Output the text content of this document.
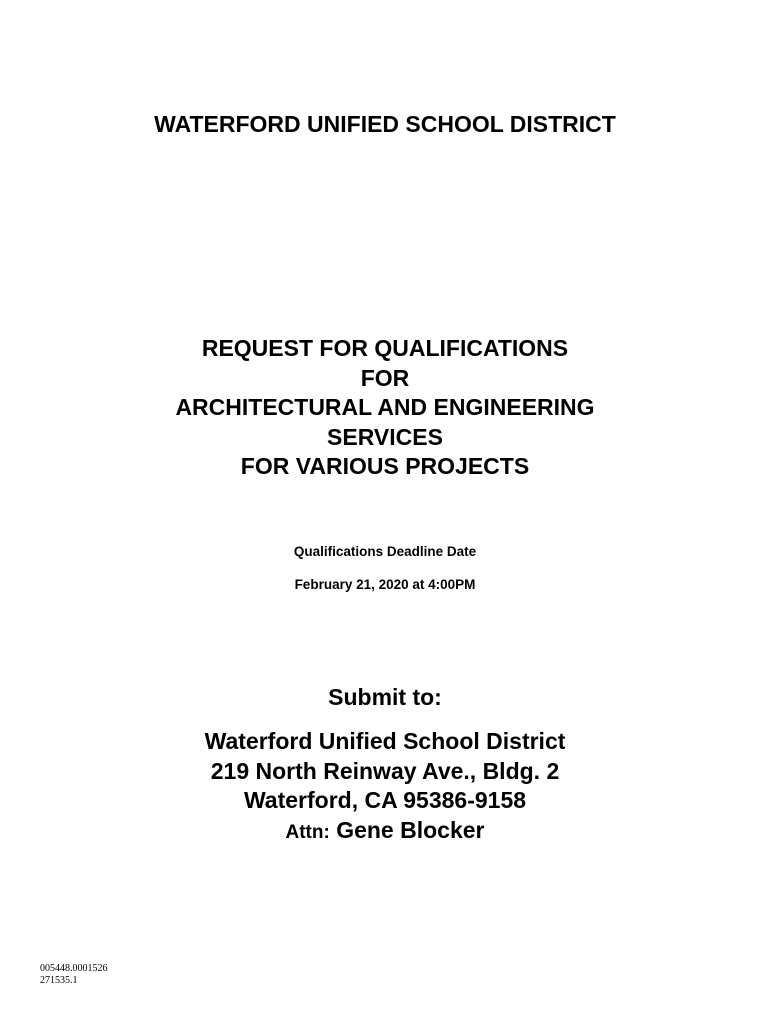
WATERFORD UNIFIED SCHOOL DISTRICT
REQUEST FOR QUALIFICATIONS
FOR
ARCHITECTURAL AND ENGINEERING
SERVICES
FOR VARIOUS PROJECTS
Qualifications Deadline Date
February 21, 2020 at 4:00PM
Submit to:
Waterford Unified School District
219 North Reinway Ave., Bldg. 2
Waterford, CA 95386-9158
Attn: Gene Blocker
005448.0001526
271535.1
